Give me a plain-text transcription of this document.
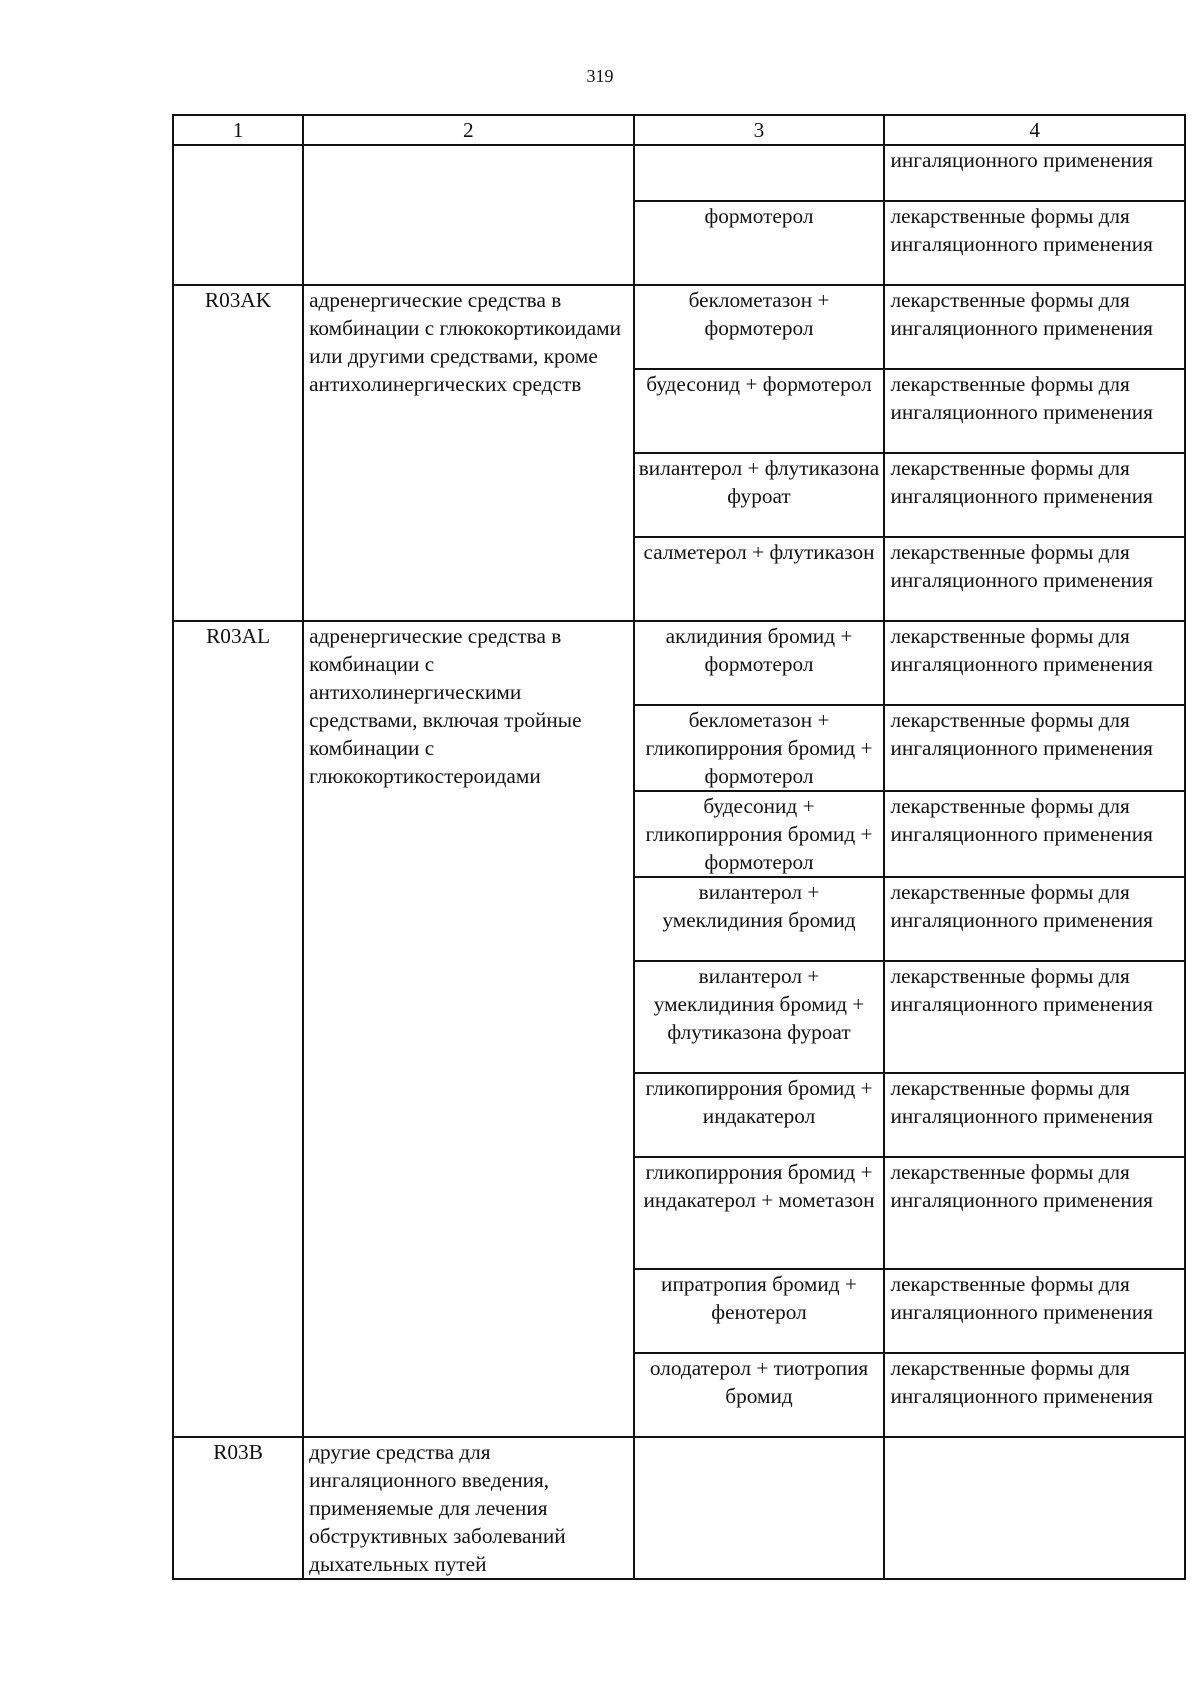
319
1	2	3	4
			ингаляционного применения
		формотерол	лекарственные формы для ингаляционного применения
R03AK	адренергические средства в комбинации с глюкокортикоидами или другими средствами, кроме антихолинергических средств	беклометазон + формотерол	лекарственные формы для ингаляционного применения
		будесонид + формотерол	лекарственные формы для ингаляционного применения
		вилантерол + флутиказона фуроат	лекарственные формы для ингаляционного применения
		салметерол + флутиказон	лекарственные формы для ингаляционного применения
R03AL	адренергические средства в комбинации с антихолинергическими средствами, включая тройные комбинации с глюкокортикостероидами	аклидиния бромид + формотерол	лекарственные формы для ингаляционного применения
		беклометазон + гликопиррония бромид + формотерол	лекарственные формы для ингаляционного применения
		будесонид + гликопиррония бромид + формотерол	лекарственные формы для ингаляционного применения
		вилантерол + умеклидиния бромид	лекарственные формы для ингаляционного применения
		вилантерол + умеклидиния бромид + флутиказона фуроат	лекарственные формы для ингаляционного применения
		гликопиррония бромид + индакатерол	лекарственные формы для ингаляционного применения
		гликопиррония бромид + индакатерол + мометазон	лекарственные формы для ингаляционного применения
		ипратропия бромид + фенотерол	лекарственные формы для ингаляционного применения
		олодатерол + тиотропия бромид	лекарственные формы для ингаляционного применения
R03B	другие средства для ингаляционного введения, применяемые для лечения обструктивных заболеваний дыхательных путей		
